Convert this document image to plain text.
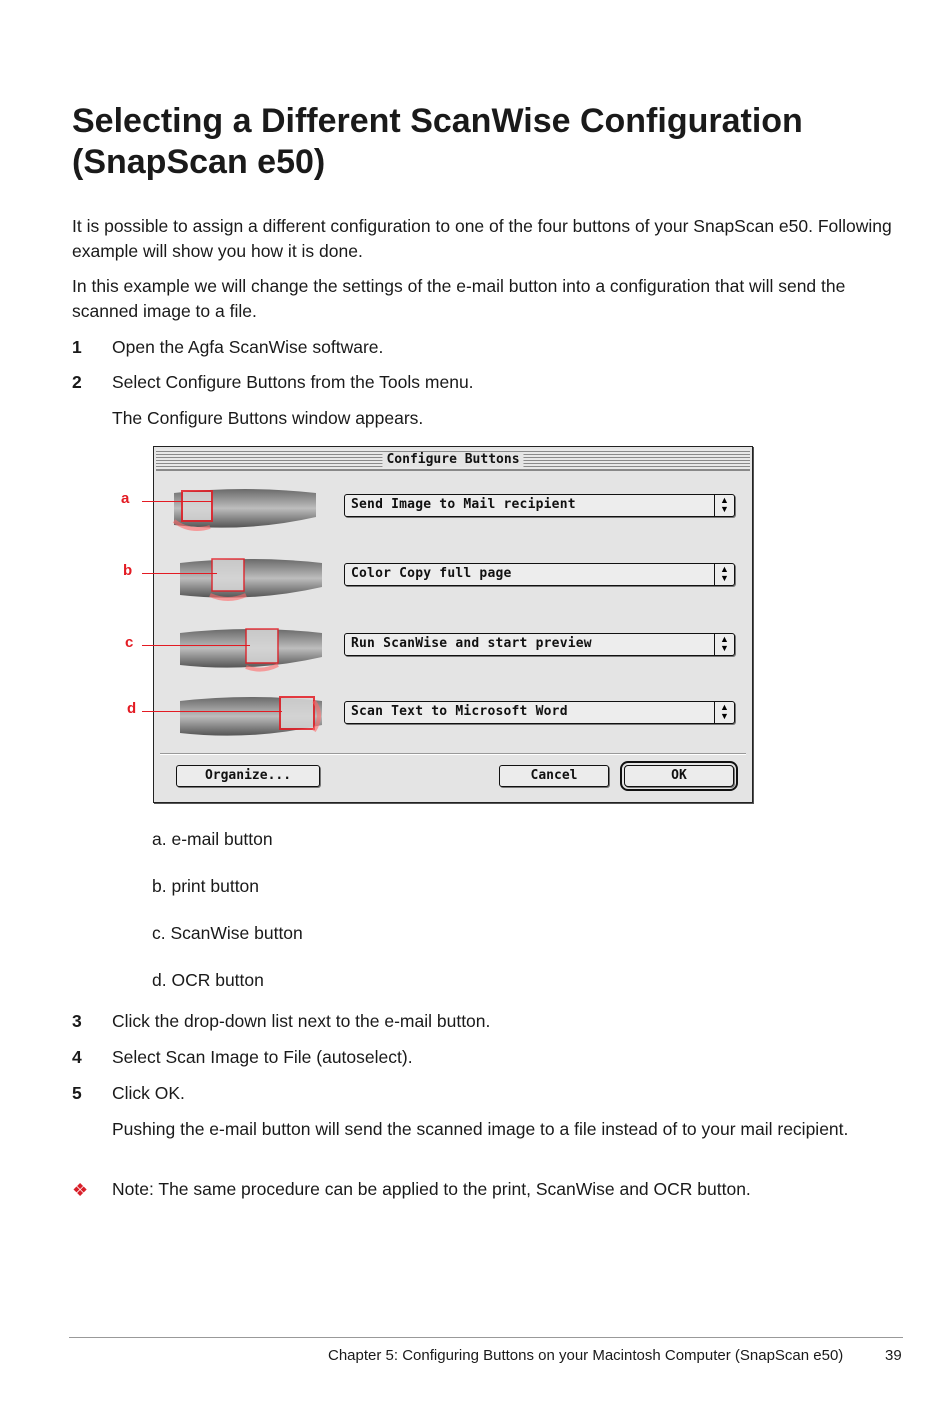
Selecting a Different ScanWise Configuration (SnapScan e50)

It is possible to assign a different configuration to one of the four buttons of your SnapScan e50. Following example will show you how it is done.

In this example we will change the settings of the e-mail button into a configuration that will send the scanned image to a file.

1	Open the Agfa ScanWise software.
2	Select Configure Buttons from the Tools menu.

The Configure Buttons window appears.

Configure Buttons
Send Image to Mail recipient	▲
▼
Color Copy full page	▲
▼
Run ScanWise and start preview	▲
▼
Scan Text to Microsoft Word	▲
▼
Organize...	Cancel	OK
a
b
c
d
a. e-mail button
b. print button
c. ScanWise button
d. OCR button
3	Click the drop-down list next to the e-mail button.
4	Select Scan Image to File (autoselect).
5	Click OK.

Pushing the e-mail button will send the scanned image to a file instead of to your mail recipient.

❖ Note: The same procedure can be applied to the print, ScanWise and OCR button.

Chapter 5: Configuring Buttons on your Macintosh Computer (SnapScan e50)	39
